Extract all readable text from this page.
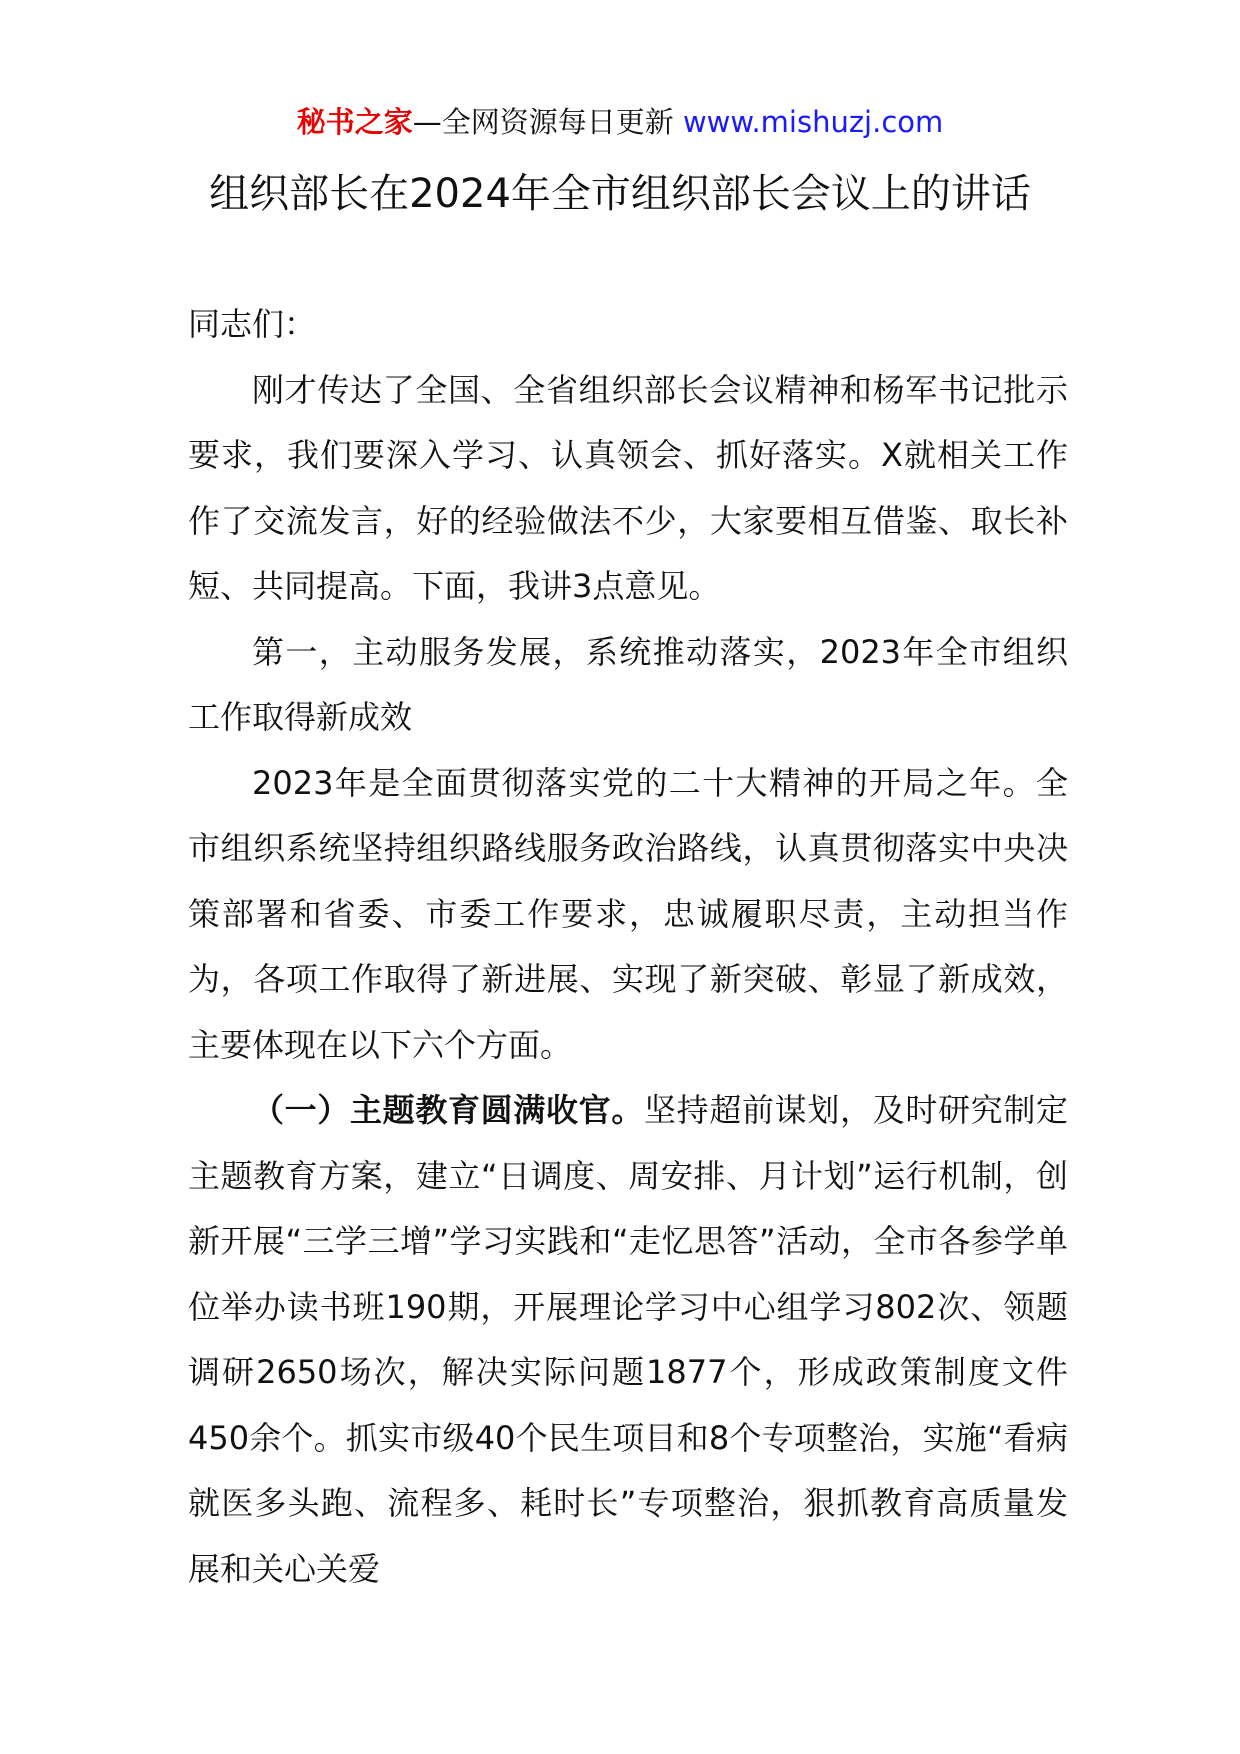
秘书之家—全网资源每日更新 www.mishuzj.com
组织部长在2024年全市组织部长会议上的讲话

同志们：

刚才传达了全国、全省组织部长会议精神和杨军书记批示要求，我们要深入学习、认真领会、抓好落实。X就相关工作作了交流发言，好的经验做法不少，大家要相互借鉴、取长补短、共同提高。下面，我讲3点意见。

第一，主动服务发展，系统推动落实，2023年全市组织工作取得新成效

2023年是全面贯彻落实党的二十大精神的开局之年。全市组织系统坚持组织路线服务政治路线，认真贯彻落实中央决策部署和省委、市委工作要求，忠诚履职尽责，主动担当作为，各项工作取得了新进展、实现了新突破、彰显了新成效，主要体现在以下六个方面。

（一）主题教育圆满收官。坚持超前谋划，及时研究制定主题教育方案，建立“日调度、周安排、月计划”运行机制，创新开展“三学三增”学习实践和“走忆思答”活动，全市各参学单位举办读书班190期，开展理论学习中心组学习802次、领题调研2650场次，解决实际问题1877个，形成政策制度文件450余个。抓实市级40个民生项目和8个专项整治，实施“看病就医多头跑、流程多、耗时长”专项整治，狠抓教育高质量发展和关心关爱
